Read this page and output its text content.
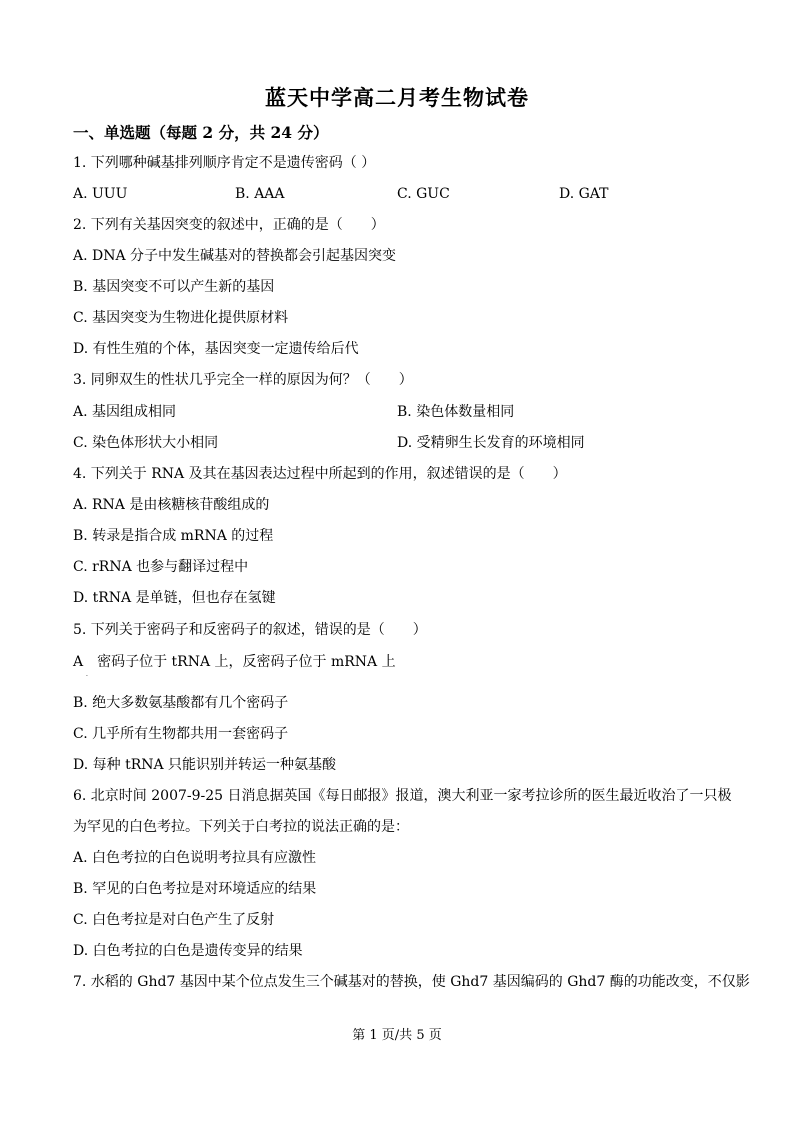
蓝天中学高二月考生物试卷
一、单选题（每题 2 分，共 24 分）
1. 下列哪种碱基排列顺序肯定不是遗传密码（ ）
A. UUU	B. AAA	C. GUC	D. GAT
2. 下列有关基因突变的叙述中，正确的是（　　）
A. DNA 分子中发生碱基对的替换都会引起基因突变
B. 基因突变不可以产生新的基因
C. 基因突变为生物进化提供原材料
D. 有性生殖的个体，基因突变一定遗传给后代
3. 同卵双生的性状几乎完全一样的原因为何？（　　）
A. 基因组成相同	B. 染色体数量相同
C. 染色体形状大小相同	D. 受精卵生长发育的环境相同
4. 下列关于 RNA 及其在基因表达过程中所起到的作用，叙述错误的是（　　）
A. RNA 是由核糖核苷酸组成的
B. 转录是指合成 mRNA 的过程
C. rRNA 也参与翻译过程中
D. tRNA 是单链，但也存在氢键
5. 下列关于密码子和反密码子的叙述，错误的是（　　）
A　密码子位于 tRNA 上，反密码子位于 mRNA 上
·
B. 绝大多数氨基酸都有几个密码子
C. 几乎所有生物都共用一套密码子
D. 每种 tRNA 只能识别并转运一种氨基酸
6. 北京时间 2007-9-25 日消息据英国《每日邮报》报道，澳大利亚一家考拉诊所的医生最近收治了一只极
为罕见的白色考拉。下列关于白考拉的说法正确的是：
A. 白色考拉的白色说明考拉具有应激性
B. 罕见的白色考拉是对环境适应的结果
C. 白色考拉是对白色产生了反射
D. 白色考拉的白色是遗传变异的结果
7. 水稻的 Ghd7 基因中某个位点发生三个碱基对的替换，使 Ghd7 基因编码的 Ghd7 酶的功能改变，不仅影
第 1 页/共 5 页
